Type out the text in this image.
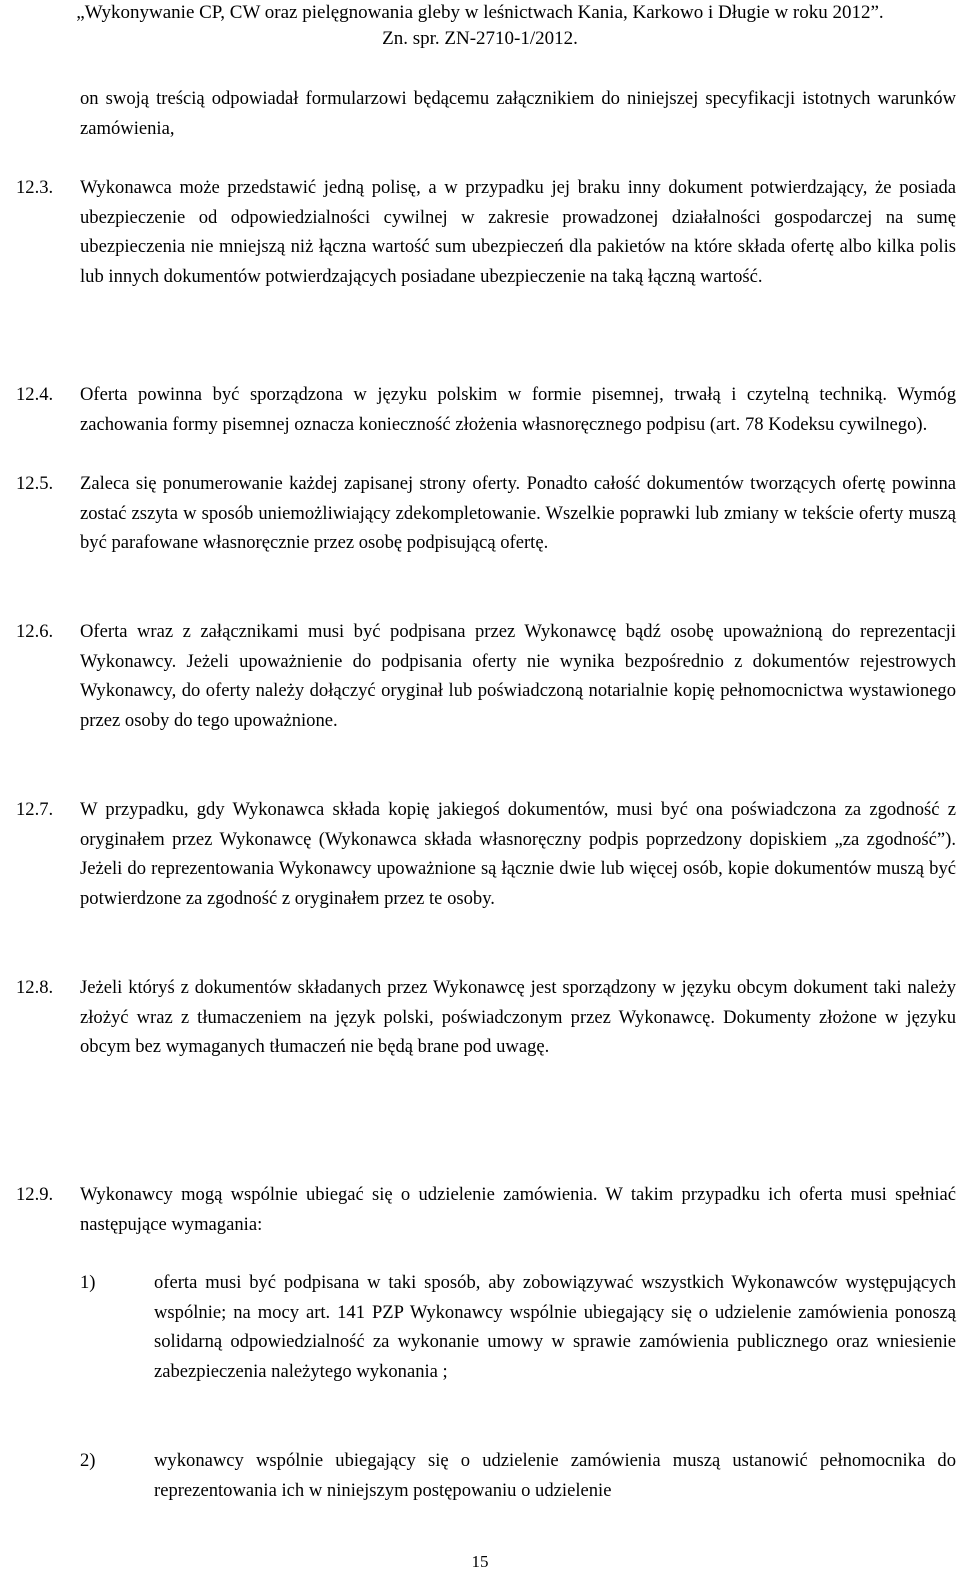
„Wykonywanie CP, CW oraz pielęgnowania gleby w leśnictwach Kania, Karkowo i Długie w roku 2012”.
Zn. spr. ZN-2710-1/2012.
on swoją treścią odpowiadał formularzowi będącemu załącznikiem do niniejszej specyfikacji istotnych warunków zamówienia,
12.3.	Wykonawca może przedstawić jedną polisę, a w przypadku jej braku inny dokument potwierdzający, że posiada ubezpieczenie od odpowiedzialności cywilnej w zakresie prowadzonej działalności gospodarczej na sumę ubezpieczenia nie mniejszą niż łączna wartość sum ubezpieczeń dla pakietów na które składa ofertę albo kilka polis lub innych dokumentów potwierdzających posiadane ubezpieczenie na taką łączną wartość.
12.4.	Oferta powinna być sporządzona w języku polskim w formie pisemnej, trwałą i czytelną techniką. Wymóg zachowania formy pisemnej oznacza konieczność złożenia własnoręcznego podpisu (art. 78 Kodeksu cywilnego).
12.5.	Zaleca się ponumerowanie każdej zapisanej strony oferty. Ponadto całość dokumentów tworzących ofertę powinna zostać zszyta w sposób uniemożliwiający zdekompletowanie. Wszelkie poprawki lub zmiany w tekście oferty muszą być parafowane własnoręcznie przez osobę podpisującą ofertę.
12.6.	Oferta wraz z załącznikami musi być podpisana przez Wykonawcę bądź osobę upoważnioną do reprezentacji Wykonawcy. Jeżeli upoważnienie do podpisania oferty nie wynika bezpośrednio z dokumentów rejestrowych Wykonawcy, do oferty należy dołączyć oryginał lub poświadczoną notarialnie kopię pełnomocnictwa wystawionego przez osoby do tego upoważnione.
12.7.	W przypadku, gdy Wykonawca składa kopię jakiegoś dokumentów, musi być ona poświadczona za zgodność z oryginałem przez Wykonawcę (Wykonawca składa własnoręczny podpis poprzedzony dopiskiem „za zgodność”). Jeżeli do reprezentowania Wykonawcy upoważnione są łącznie dwie lub więcej osób, kopie dokumentów muszą być potwierdzone za zgodność z oryginałem przez te osoby.
12.8.	Jeżeli któryś z dokumentów składanych przez Wykonawcę jest sporządzony w języku obcym dokument taki należy złożyć wraz z tłumaczeniem na język polski, poświadczonym przez Wykonawcę. Dokumenty złożone w języku obcym bez wymaganych tłumaczeń nie będą brane pod uwagę.
12.9.	Wykonawcy mogą wspólnie ubiegać się o udzielenie zamówienia. W takim przypadku ich oferta musi spełniać następujące wymagania:
1)	oferta musi być podpisana w taki sposób, aby zobowiązywać wszystkich Wykonawców występujących wspólnie; na mocy art. 141 PZP Wykonawcy wspólnie ubiegający się o udzielenie zamówienia ponoszą solidarną odpowiedzialność za wykonanie umowy w sprawie zamówienia publicznego oraz wniesienie zabezpieczenia należytego wykonania ;
2)	wykonawcy wspólnie ubiegający się o udzielenie zamówienia muszą ustanowić pełnomocnika do reprezentowania ich w niniejszym postępowaniu o udzielenie
15
